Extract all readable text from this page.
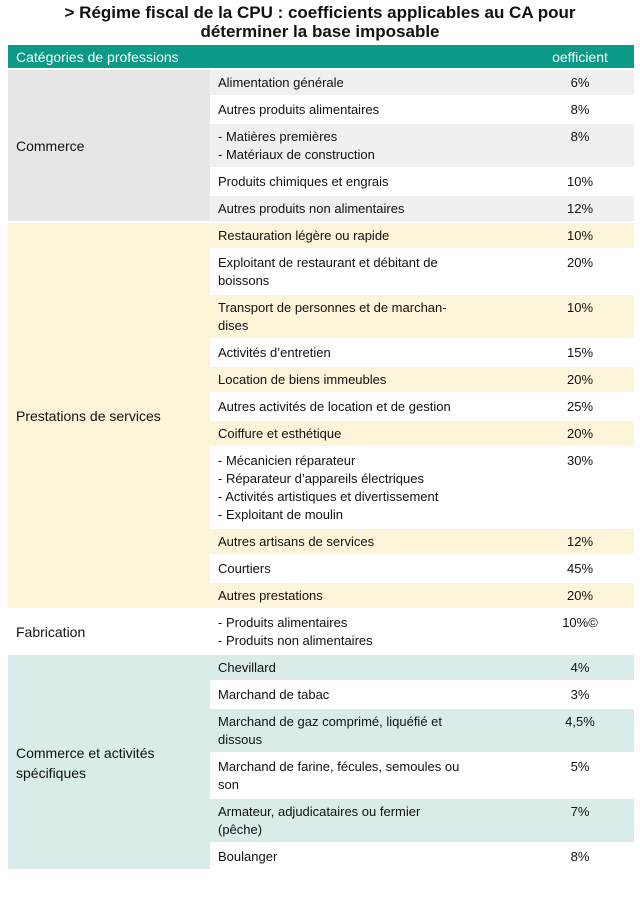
> Régime fiscal de la CPU : coefficients applicables au CA pour
déterminer la base imposable
Catégories de professions		oefficient
Commerce	Alimentation générale	6%
	Autres produits alimentaires	8%
	- Matières premières
- Matériaux de construction	8%
	Produits chimiques et engrais	10%
	Autres produits non alimentaires	12%
Prestations de services	Restauration légère ou rapide	10%
	Exploitant de restaurant et débitant de
boissons	20%
	Transport de personnes et de marchan-
dises	10%
	Activités d’entretien	15%
	Location de biens immeubles	20%
	Autres activités de location et de gestion	25%
	Coiffure et esthétique	20%
	- Mécanicien réparateur
- Réparateur d’appareils électriques
- Activités artistiques et divertissement
- Exploitant de moulin	30%
	Autres artisans de services	12%
	Courtiers	45%
	Autres prestations	20%
Fabrication	- Produits alimentaires
- Produits non alimentaires	10%©
Commerce et activités spécifiques	Chevillard	4%
	Marchand de tabac	3%
	Marchand de gaz comprimé, liquéfié et
dissous	4,5%
	Marchand de farine, fécules, semoules ou
son	5%
	Armateur, adjudicataires ou fermier
(pêche)	7%
	Boulanger	8%
